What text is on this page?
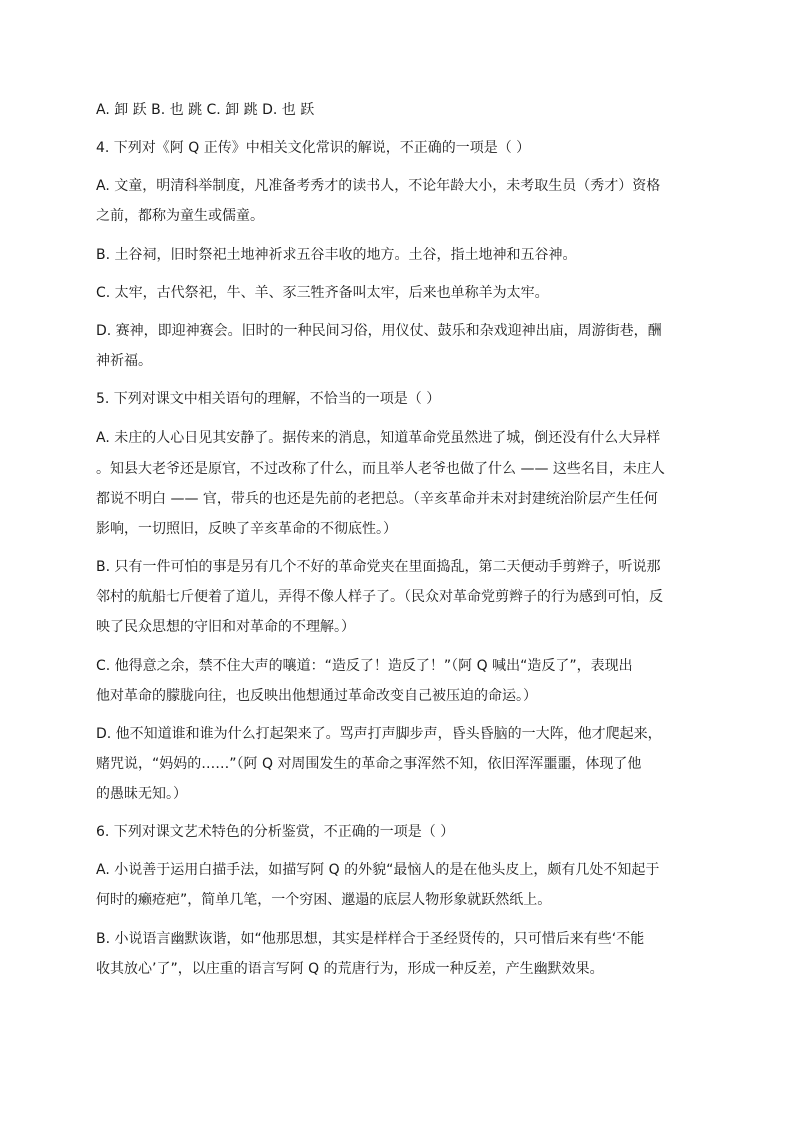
A. 卸 跃 B. 也 跳 C. 卸 跳 D. 也 跃
4. 下列对《阿 Q 正传》中相关文化常识的解说，不正确的一项是（ ）
A. 文童，明清科举制度，凡准备考秀才的读书人，不论年龄大小，未考取生员（秀才）资格
之前，都称为童生或儒童。
B. 土谷祠，旧时祭祀土地神祈求五谷丰收的地方。土谷，指土地神和五谷神。
C. 太牢，古代祭祀，牛、羊、豕三牲齐备叫太牢，后来也单称羊为太牢。
D. 赛神，即迎神赛会。旧时的一种民间习俗，用仪仗、鼓乐和杂戏迎神出庙，周游街巷，酬
神祈福。
5. 下列对课文中相关语句的理解，不恰当的一项是（ ）
A. 未庄的人心日见其安静了。据传来的消息，知道革命党虽然进了城，倒还没有什么大异样
。知县大老爷还是原官，不过改称了什么，而且举人老爷也做了什么 —— 这些名目，未庄人
都说不明白 —— 官，带兵的也还是先前的老把总。（辛亥革命并未对封建统治阶层产生任何
影响，一切照旧，反映了辛亥革命的不彻底性。）
B. 只有一件可怕的事是另有几个不好的革命党夹在里面捣乱，第二天便动手剪辫子，听说那
邻村的航船七斤便着了道儿，弄得不像人样子了。（民众对革命党剪辫子的行为感到可怕，反
映了民众思想的守旧和对革命的不理解。）
C. 他得意之余，禁不住大声的嚷道：“造反了！造反了！”（阿 Q 喊出“造反了”，表现出
他对革命的朦胧向往，也反映出他想通过革命改变自己被压迫的命运。）
D. 他不知道谁和谁为什么打起架来了。骂声打声脚步声，昏头昏脑的一大阵，他才爬起来，
赌咒说，“妈妈的……”（阿 Q 对周围发生的革命之事浑然不知，依旧浑浑噩噩，体现了他
的愚昧无知。）
6. 下列对课文艺术特色的分析鉴赏，不正确的一项是（ ）
A. 小说善于运用白描手法，如描写阿 Q 的外貌“最恼人的是在他头皮上，颇有几处不知起于
何时的癞疮疤”，简单几笔，一个穷困、邋遢的底层人物形象就跃然纸上。
B. 小说语言幽默诙谐，如“他那思想，其实是样样合于圣经贤传的，只可惜后来有些‘不能
收其放心’了”，以庄重的语言写阿 Q 的荒唐行为，形成一种反差，产生幽默效果。
